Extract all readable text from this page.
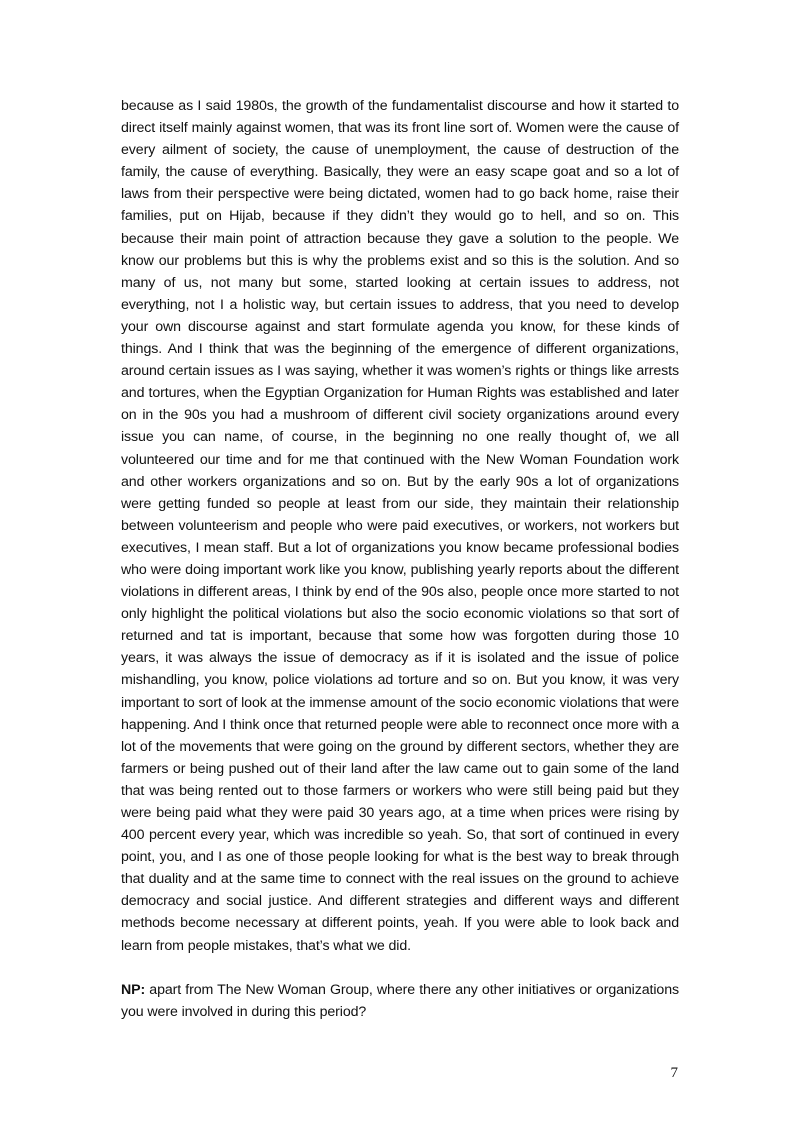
because as I said 1980s, the growth of the fundamentalist discourse and how it started to direct itself mainly against women, that was its front line sort of. Women were the cause of every ailment of society, the cause of unemployment, the cause of destruction of the family, the cause of everything. Basically, they were an easy scape goat and so a lot of laws from their perspective were being dictated, women had to go back home, raise their families, put on Hijab, because if they didn’t they would go to hell, and so on. This because their main point of attraction because they gave a solution to the people. We know our problems but this is why the problems exist and so this is the solution. And so many of us, not many but some, started looking at certain issues to address, not everything, not I a holistic way, but certain issues to address, that you need to develop your own discourse against and start formulate agenda you know, for these kinds of things. And I think that was the beginning of the emergence of different organizations, around certain issues as I was saying, whether it was women’s rights or things like arrests and tortures, when the Egyptian Organization for Human Rights was established and later on in the 90s you had a mushroom of different civil society organizations around every issue you can name, of course, in the beginning no one really thought of, we all volunteered our time and for me that continued with the New Woman Foundation work and other workers organizations and so on. But by the early 90s a lot of organizations were getting funded so people at least from our side, they maintain their relationship between volunteerism and people who were paid executives, or workers, not workers but executives, I mean staff. But a lot of organizations you know became professional bodies who were doing important work like you know, publishing yearly reports about the different violations in different areas, I think by end of the 90s also, people once more started to not only highlight the political violations but also the socio economic violations so that sort of returned and tat is important, because that some how was forgotten during those 10 years, it was always the issue of democracy as if it is isolated and the issue of police mishandling, you know, police violations ad torture and so on. But you know, it was very important to sort of look at the immense amount of the socio economic violations that were happening. And I think once that returned people were able to reconnect once more with a lot of the movements that were going on the ground by different sectors, whether they are farmers or being pushed out of their land after the law came out to gain some of the land that was being rented out to those farmers or workers who were still being paid but they were being paid what they were paid 30 years ago, at a time when prices were rising by 400 percent every year, which was incredible so yeah. So, that sort of continued in every point, you, and I as one of those people looking for what is the best way to break through that duality and at the same time to connect with the real issues on the ground to achieve democracy and social justice. And different strategies and different ways and different methods become necessary at different points, yeah. If you were able to look back and learn from people mistakes, that’s what we did.

NP: apart from The New Woman Group, where there any other initiatives or organizations you were involved in during this period?

7
